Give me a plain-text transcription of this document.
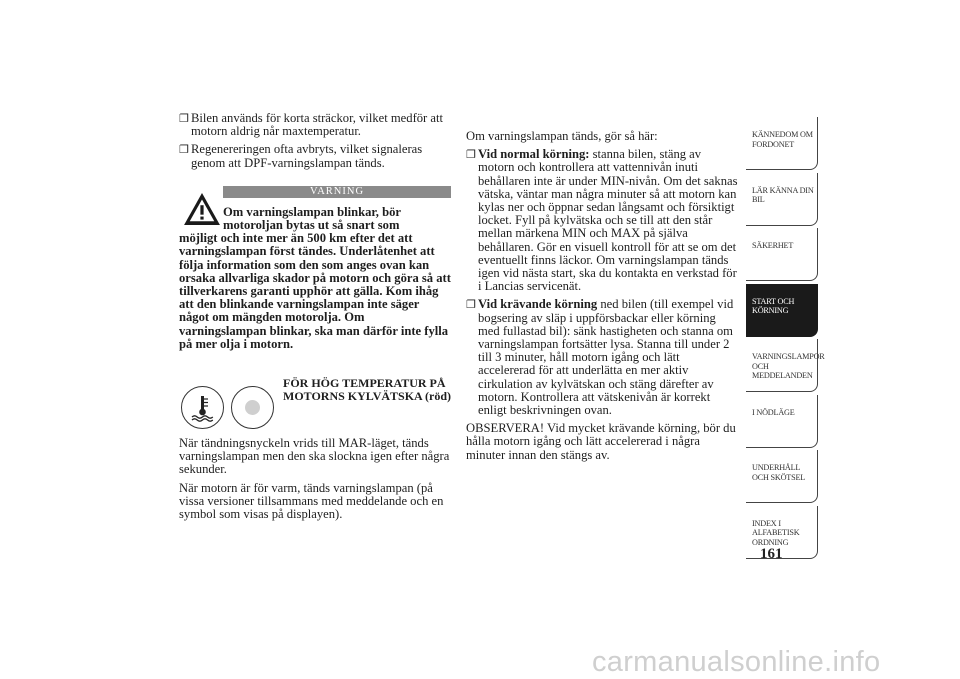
❐ Bilen används för korta sträckor, vilket medför att motorn aldrig når maxtemperatur.
❐ Regenereringen ofta avbryts, vilket signaleras genom att DPF-varningslampan tänds.
VARNING
Om varningslampan blinkar, bör motoroljan bytas ut så snart som
möjligt och inte mer än 500 km efter det att varningslampan först tändes. Underlåtenhet att följa information som den som anges ovan kan orsaka allvarliga skador på motorn och göra så att tillverkarens garanti upphör att gälla. Kom ihåg att den blinkande varningslampan inte säger något om mängden motorolja. Om varningslampan blinkar, ska man därför inte fylla på mer olja i motorn.
FÖR HÖG TEMPERATUR PÅ MOTORNS KYLVÄTSKA (röd)

När tändningsnyckeln vrids till MAR-läget, tänds varningslampan men den ska slockna igen efter några sekunder.

När motorn är för varm, tänds varningslampan (på vissa versioner tillsammans med meddelande och en symbol som visas på displayen).

Om varningslampan tänds, gör så här:

❐ Vid normal körning: stanna bilen, stäng av motorn och kontrollera att vattennivån inuti behållaren inte är under MIN-nivån. Om det saknas vätska, väntar man några minuter så att motorn kan kylas ner och öppnar sedan långsamt och försiktigt locket. Fyll på kylvätska och se till att den står mellan märkena MIN och MAX på själva behållaren. Gör en visuell kontroll för att se om det eventuellt finns läckor. Om varningslampan tänds igen vid nästa start, ska du kontakta en verkstad för i Lancias servicenät.
❐ Vid krävande körning ned bilen (till exempel vid bogsering av släp i uppförsbackar eller körning med fullastad bil): sänk hastigheten och stanna om varningslampan fortsätter lysa. Stanna till under 2 till 3 minuter, håll motorn igång och lätt accelererad för att underlätta en mer aktiv cirkulation av kylvätskan och stäng därefter av motorn. Kontrollera att vätskenivån är korrekt enligt beskrivningen ovan.

OBSERVERA! Vid mycket krävande körning, bör du hålla motorn igång och lätt accelererad i några minuter innan den stängs av.

KÄNNEDOM OM FORDONET
LÄR KÄNNA DIN BIL
SÄKERHET
START OCH KÖRNING
VARNINGSLAMPOR OCH MEDDELANDEN
I NÖDLÄGE
UNDERHÅLL OCH SKÖTSEL
INDEX I ALFABETISK ORDNING
161
carmanualsonline.info
